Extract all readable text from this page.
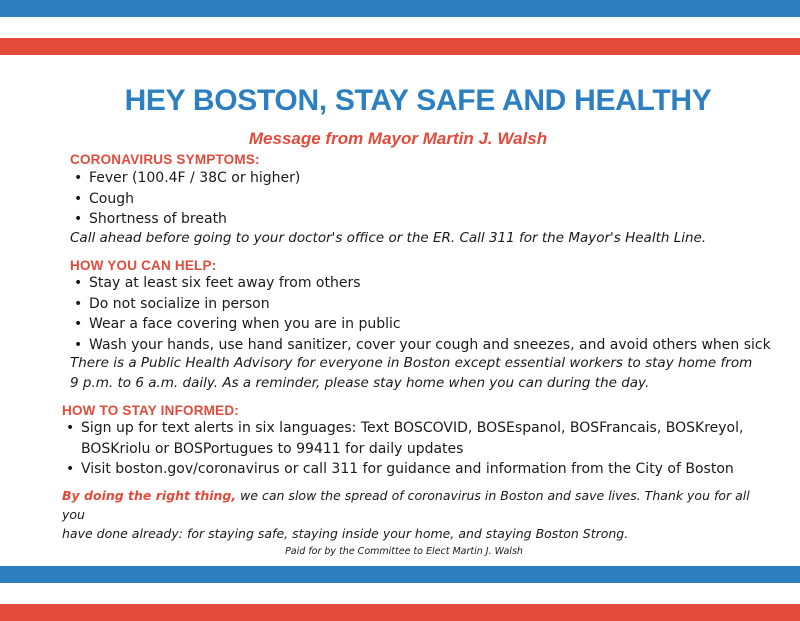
HEY BOSTON, STAY SAFE AND HEALTHY
Message from Mayor Martin J. Walsh
CORONAVIRUS SYMPTOMS:
• Fever (100.4F / 38C or higher)
• Cough
• Shortness of breath
Call ahead before going to your doctor's office or the ER. Call 311 for the Mayor's Health Line.
HOW YOU CAN HELP:
• Stay at least six feet away from others
• Do not socialize in person
• Wear a face covering when you are in public
• Wash your hands, use hand sanitizer, cover your cough and sneezes, and avoid others when sick
There is a Public Health Advisory for everyone in Boston except essential workers to stay home from
9 p.m. to 6 a.m. daily. As a reminder, please stay home when you can during the day.
HOW TO STAY INFORMED:
• Sign up for text alerts in six languages: Text BOSCOVID, BOSEspanol, BOSFrancais, BOSKreyol,
BOSKriolu or BOSPortugues to 99411 for daily updates
• Visit boston.gov/coronavirus or call 311 for guidance and information from the City of Boston
By doing the right thing, we can slow the spread of coronavirus in Boston and save lives. Thank you for all you
have done already: for staying safe, staying inside your home, and staying Boston Strong.
Paid for by the Committee to Elect Martin J. Walsh
